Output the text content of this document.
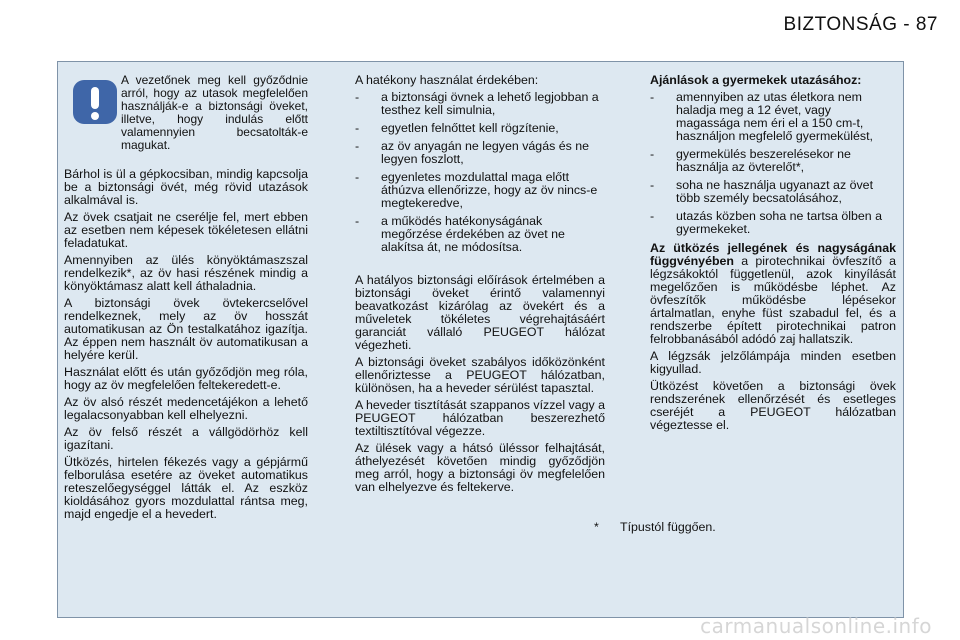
BIZTONSÁG - 87
A vezetőnek meg kell győződnie arról, hogy az utasok megfelelően használják-e a biztonsági öveket, illetve, hogy indulás előtt valamennyien becsatolták-e magukat.

Bárhol is ül a gépkocsiban, mindig kapcsolja be a biztonsági övét, még rövid utazások alkalmával is.

Az övek csatjait ne cserélje fel, mert ebben az esetben nem képesek tökéletesen ellátni feladatukat.

Amennyiben az ülés könyöktámaszszal rendelkezik*, az öv hasi részének mindig a könyöktámasz alatt kell áthaladnia.

A biztonsági övek övtekercselővel rendelkeznek, mely az öv hosszát automatikusan az Ön testalkatához igazítja. Az éppen nem használt öv automatikusan a helyére kerül.

Használat előtt és után győződjön meg róla, hogy az öv megfelelően feltekeredett-e.

Az öv alsó részét medencetájékon a lehető legalacsonyabban kell elhelyezni.

Az öv felső részét a vállgödörhöz kell igazítani.

Ütközés, hirtelen fékezés vagy a gépjármű felborulása esetére az öveket automatikus reteszelőegységgel látták el. Az eszköz kioldásához gyors mozdulattal rántsa meg, majd engedje el a hevedert.

A hatékony használat érdekében:

- a biztonsági övnek a lehető legjobban a testhez kell simulnia,
- egyetlen felnőttet kell rögzítenie,
- az öv anyagán ne legyen vágás és ne legyen foszlott,
- egyenletes mozdulattal maga előtt áthúzva ellenőrizze, hogy az öv nincs-e megtekeredve,
- a működés hatékonyságának megőrzése érdekében az övet ne alakítsa át, ne módosítsa.

A hatályos biztonsági előírások értelmében a biztonsági öveket érintő valamennyi beavatkozást kizárólag az övekért és a műveletek tökéletes végrehajtásáért garanciát vállaló PEUGEOT hálózat végezheti.

A biztonsági öveket szabályos időközönként ellenőriztesse a PEUGEOT hálózatban, különösen, ha a heveder sérülést tapasztal.

A heveder tisztítását szappanos vízzel vagy a PEUGEOT hálózatban beszerezhető textiltisztítóval végezze.

Az ülések vagy a hátsó üléssor felhajtását, áthelyezését követően mindig győződjön meg arról, hogy a biztonsági öv megfelelően van elhelyezve és feltekerve.

Ajánlások a gyermekek utazásához:

- amennyiben az utas életkora nem haladja meg a 12 évet, vagy magassága nem éri el a 150 cm-t, használjon megfelelő gyermekülést,
- gyermekülés beszerelésekor ne használja az övterelőt*,
- soha ne használja ugyanazt az övet több személy becsatolásához,
- utazás közben soha ne tartsa ölben a gyermekeket.

Az ütközés jellegének és nagyságának függvényében a pirotechnikai övfeszítő a légzsákoktól függetlenül, azok kinyílását megelőzően is működésbe léphet. Az övfeszítők működésbe lépésekor ártalmatlan, enyhe füst szabadul fel, és a rendszerbe épített pirotechnikai patron felrobbanásából adódó zaj hallatszik.

A légzsák jelzőlámpája minden esetben kigyullad.

Ütközést követően a biztonsági övek rendszerének ellenőrzését és esetleges cseréjét a PEUGEOT hálózatban végeztesse el.

* Típustól függően.
carmanualsonline.info
